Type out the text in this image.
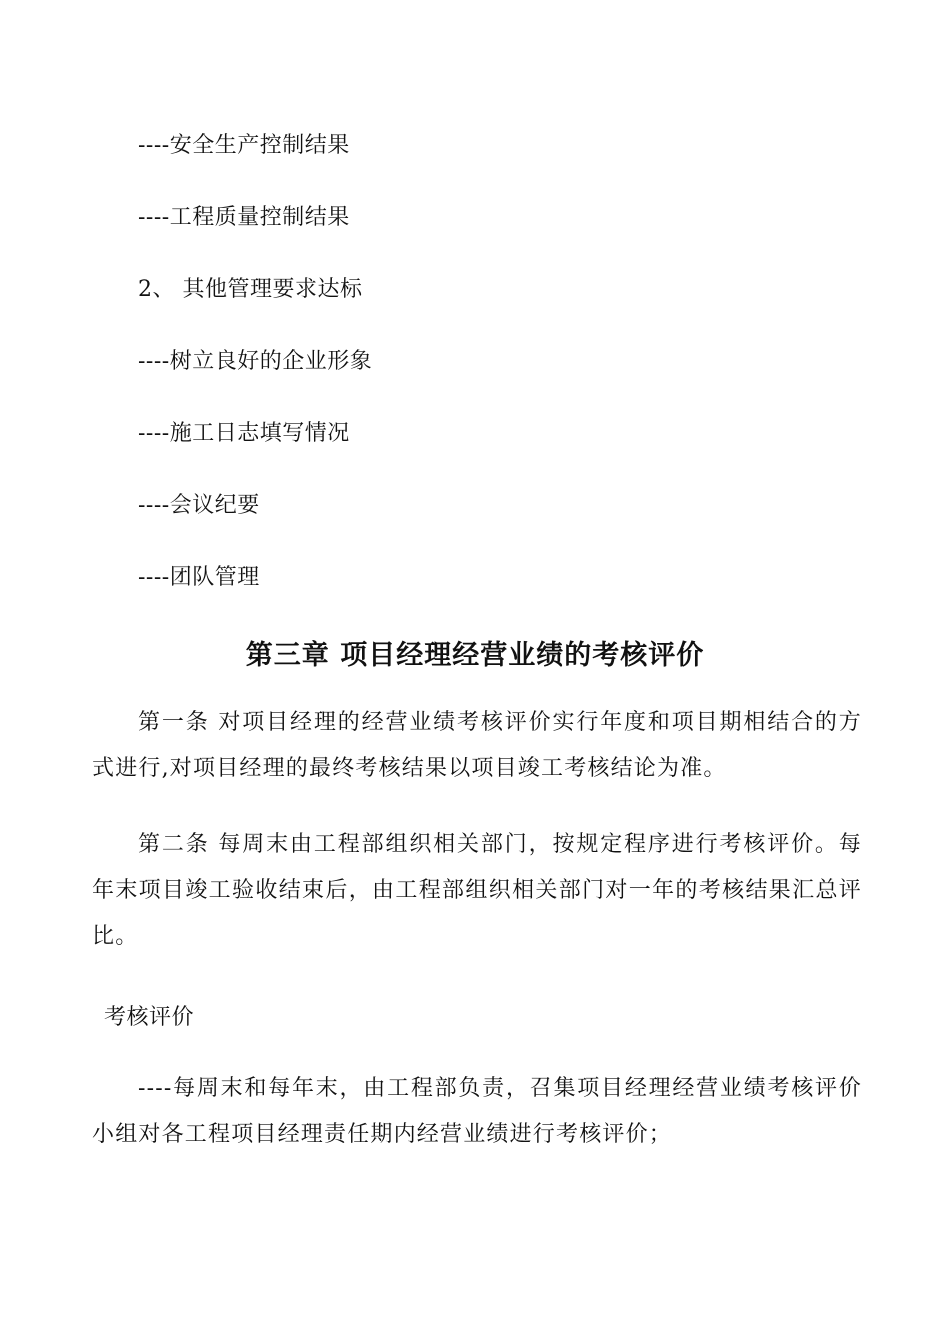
----安全生产控制结果
----工程质量控制结果
2、 其他管理要求达标
----树立良好的企业形象
----施工日志填写情况
----会议纪要
----团队管理
第三章 项目经理经营业绩的考核评价

第一条 对项目经理的经营业绩考核评价实行年度和项目期相结合的方式进行,对项目经理的最终考核结果以项目竣工考核结论为准。

第二条 每周末由工程部组织相关部门，按规定程序进行考核评价。每年末项目竣工验收结束后，由工程部组织相关部门对一年的考核结果汇总评比。

考核评价

----每周末和每年末，由工程部负责，召集项目经理经营业绩考核评价小组对各工程项目经理责任期内经营业绩进行考核评价；
